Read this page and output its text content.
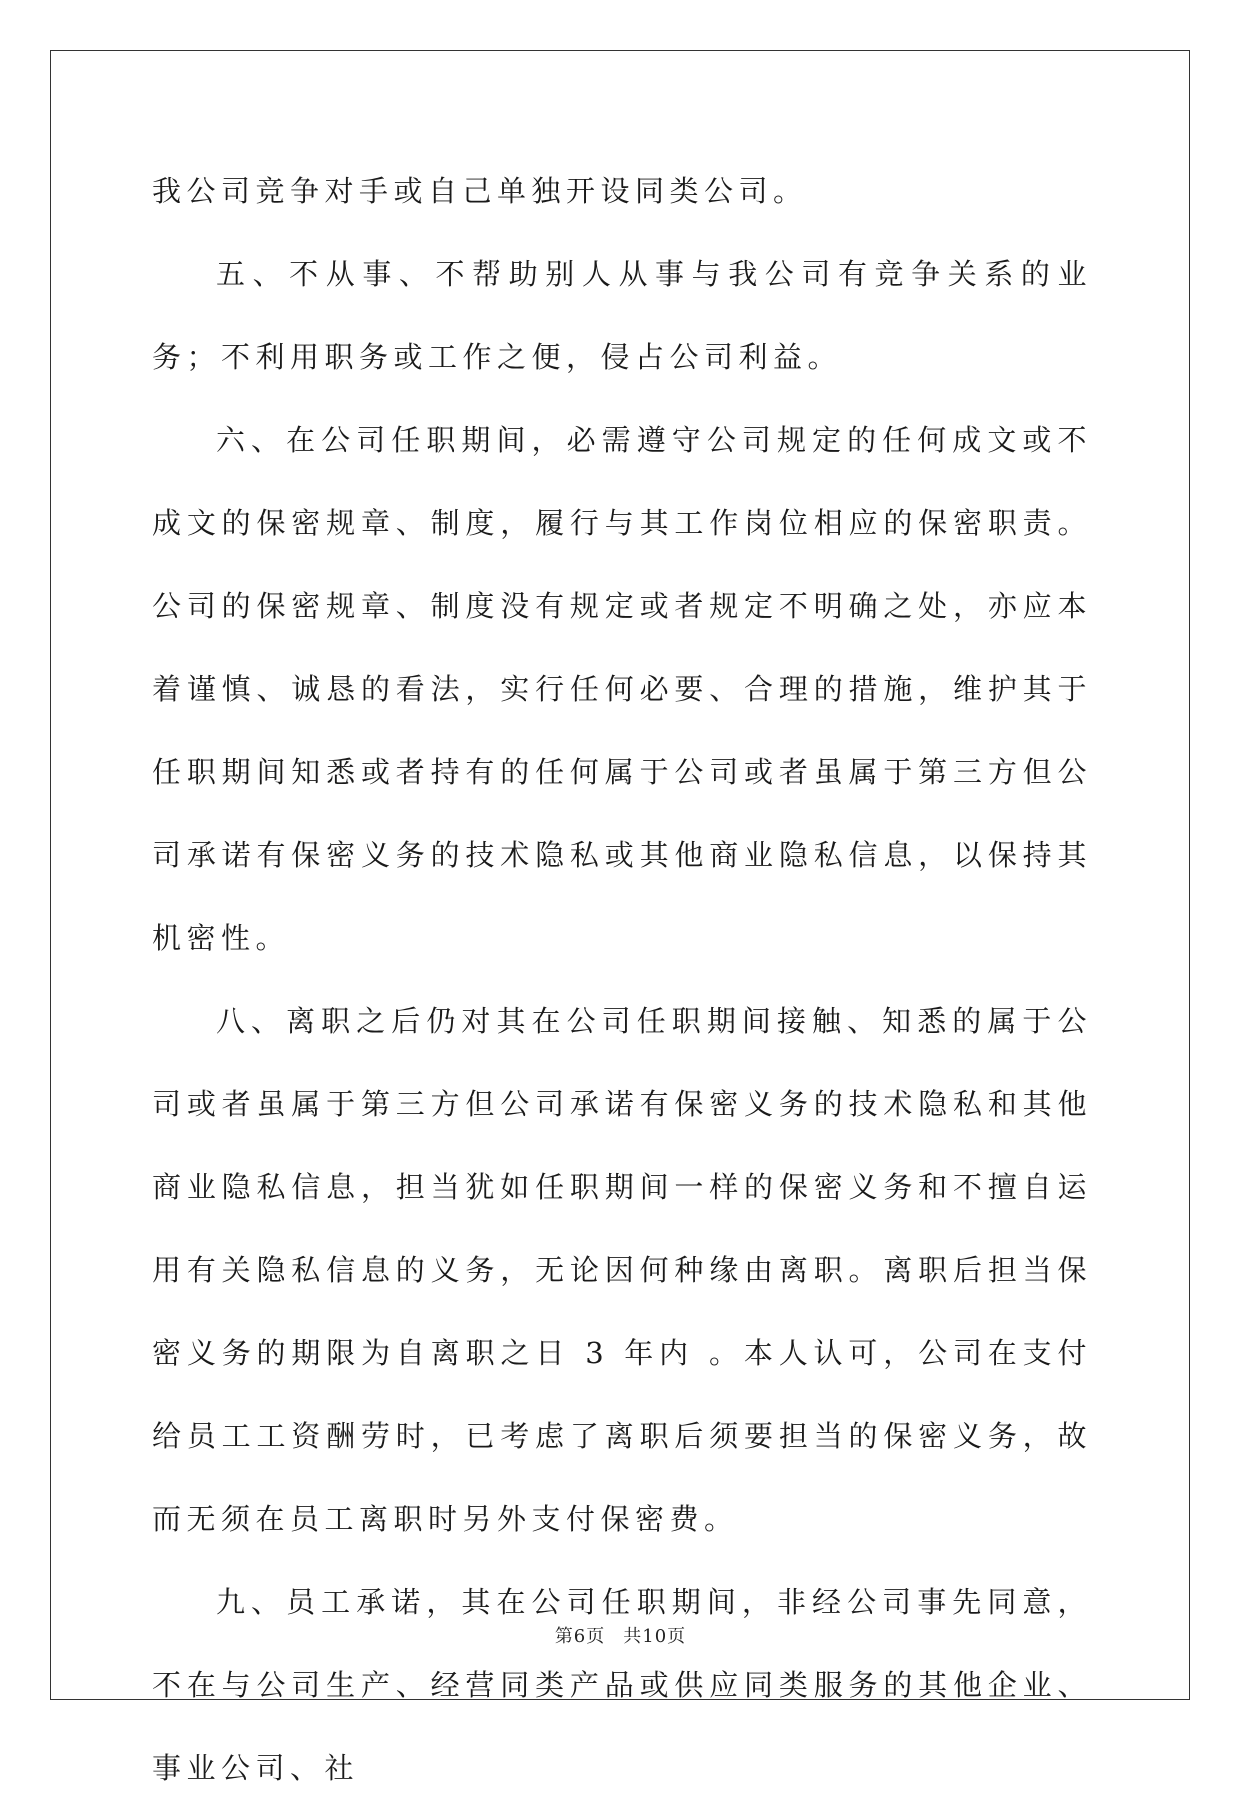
我公司竞争对手或自己单独开设同类公司。

五、不从事、不帮助别人从事与我公司有竞争关系的业务；不利用职务或工作之便，侵占公司利益。

六、在公司任职期间，必需遵守公司规定的任何成文或不成文的保密规章、制度，履行与其工作岗位相应的保密职责。公司的保密规章、制度没有规定或者规定不明确之处，亦应本着谨慎、诚恳的看法，实行任何必要、合理的措施，维护其于任职期间知悉或者持有的任何属于公司或者虽属于第三方但公司承诺有保密义务的技术隐私或其他商业隐私信息，以保持其机密性。

八、离职之后仍对其在公司任职期间接触、知悉的属于公司或者虽属于第三方但公司承诺有保密义务的技术隐私和其他商业隐私信息，担当犹如任职期间一样的保密义务和不擅自运用有关隐私信息的义务，无论因何种缘由离职。离职后担当保密义务的期限为自离职之日 3 年内 。本人认可，公司在支付给员工工资酬劳时，已考虑了离职后须要担当的保密义务，故而无须在员工离职时另外支付保密费。

九、员工承诺，其在公司任职期间，非经公司事先同意，不在与公司生产、经营同类产品或供应同类服务的其他企业、事业公司、社

第6页 共10页
